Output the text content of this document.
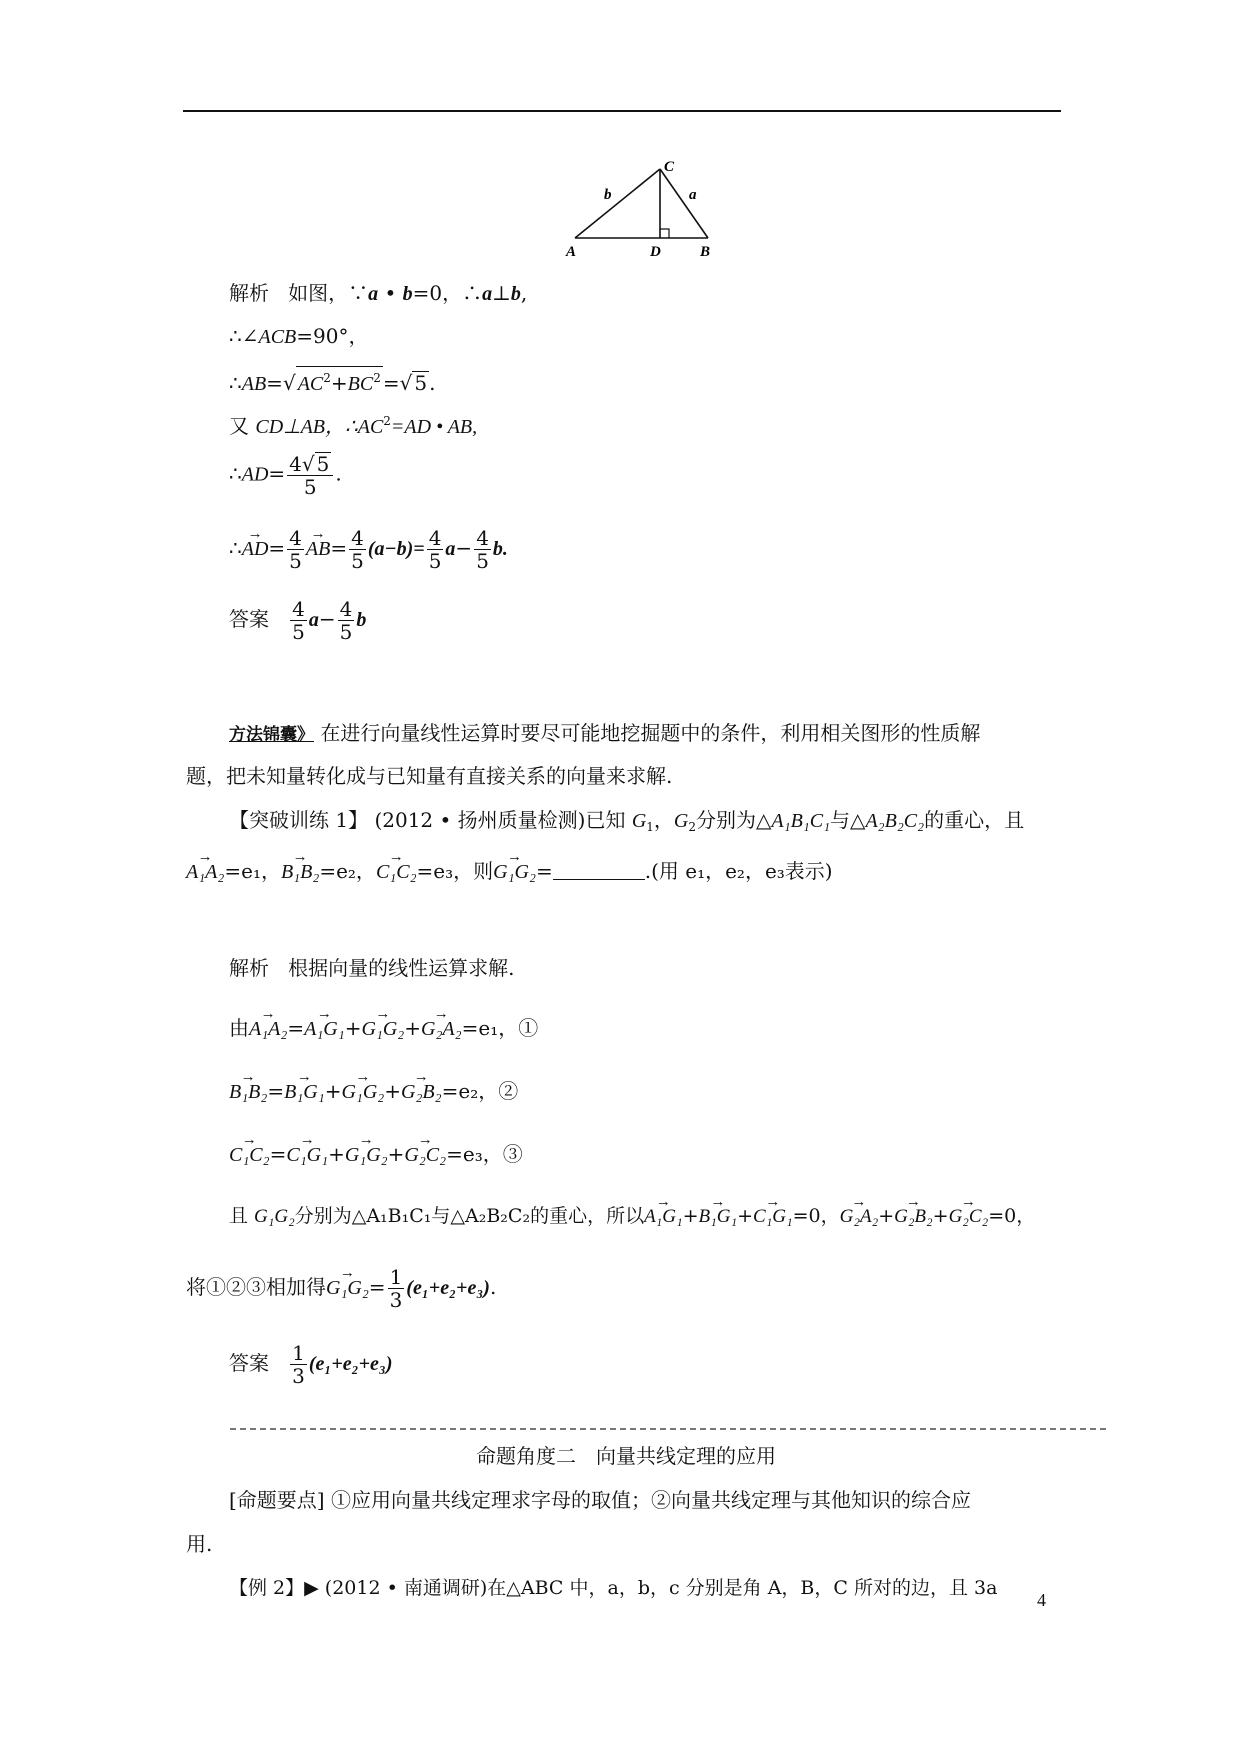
C
b	a
A	D	B
解析 如图，∵a • b=0，∴a⊥b,
∴∠ACB=90°，
∴AB=√ $AC^2+BC^2$ =√ 5 .
又 CD⊥AB，$\therefore AC^2=AD$ • AB,
∴AD= $\frac{4√ 5}{5}$ .
∴→ $AD= \frac{4}{5}$
→ $AB= \frac{4}{5} (a-b)= \frac{4}{5} a- \frac{4}{5} b$.
答案 $\frac{4}{5} a- \frac{4}{5}$ b
方法锦囊》 在进行向量线性运算时要尽可能地挖掘题中的条件，利用相关图形的性质解
题，把未知量转化成与已知量有直接关系的向量来求解.
【突破训练 1】 (2012 • 扬州质量检测)已知 $G_1$，$G_2$分别为△A₁B₁C₁与△A₂B₂C₂的重心，且
→ A₁A₂=e₁，→ B₁B₂=e₂，→ C₁C₂=e₃，则→ G₁G₂=	.(用 e₁，e₂，e₃表示)
解析 根据向量的线性运算求解.
由→ A₁A₂=→ A₁G₁+→ G₁G₂+→ G₂A₂=e₁，①
→ B₁B₂=→ B₁G₁+→ G₁G₂+→ G₂B₂=e₂，②
→ C₁C₂=→ C₁G₁+→ G₁G₂+→ G₂C₂=e₃，③
且 G₁G₂分别为△A₁B₁C₁与△A₂B₂C₂的重心，所以→ A₁G₁+→ B₁G₁+→ C₁G₁=0，→ G₂A₂+→ G₂B₂+→ G₂C₂=0，
将①②③相加得→ $G_1G_2= \frac{1}{3} (e_1+e_2+e_3)$.
答案 $\frac{1}{3} (e_1+e_2+e_3)$
命题角度二　向量共线定理的应用
[命题要点] ①应用向量共线定理求字母的取值；②向量共线定理与其他知识的综合应
用.
【例 2】▶ (2012 • 南通调研)在△ABC 中，a，b，c 分别是角 A，B，C 所对的边，且 3a
4
